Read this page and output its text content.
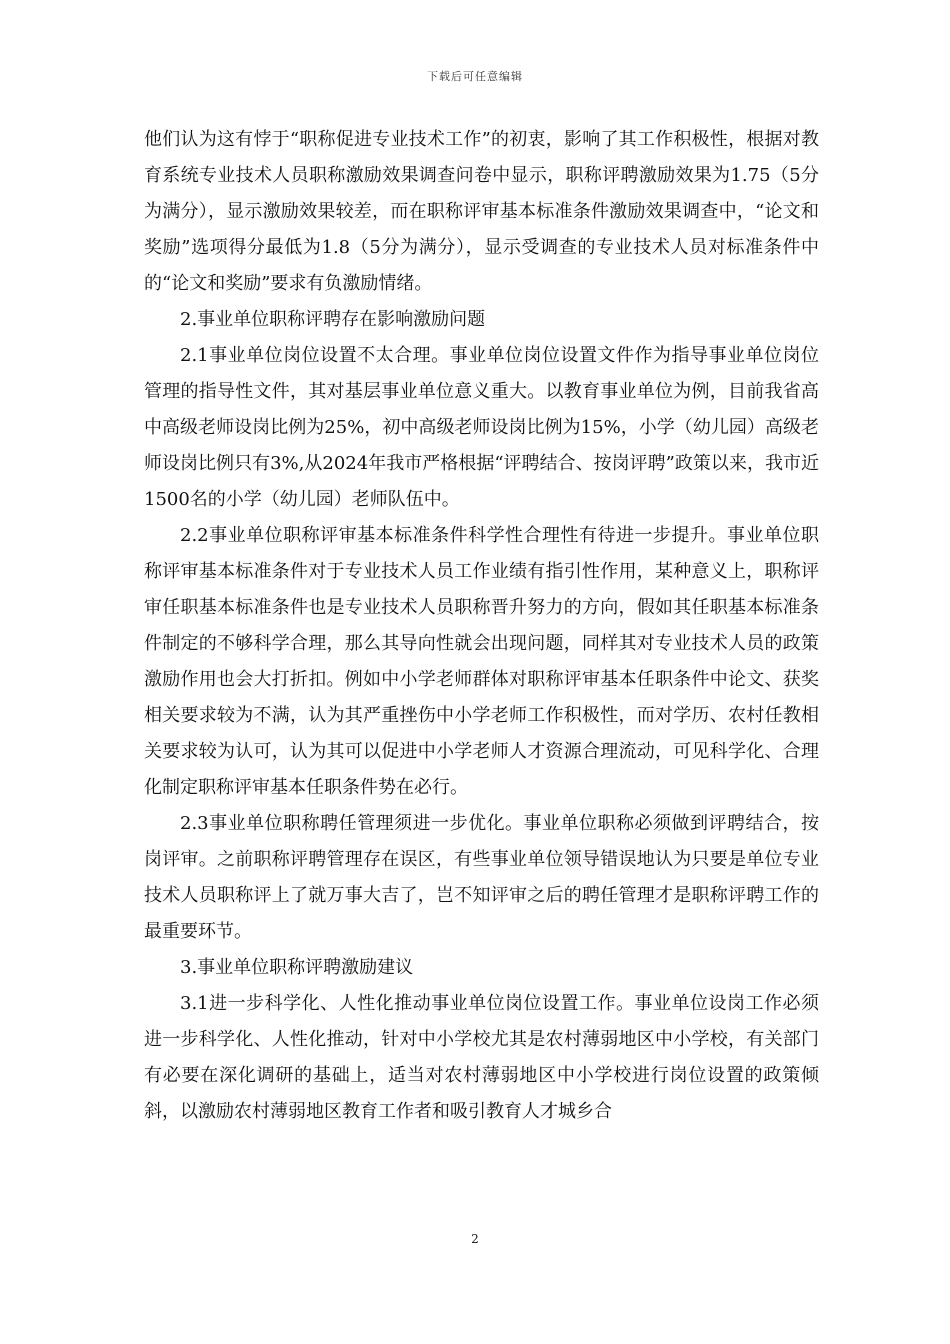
下载后可任意编辑

他们认为这有悖于“职称促进专业技术工作”的初衷，影响了其工作积极性，根据对教育系统专业技术人员职称激励效果调查问卷中显示，职称评聘激励效果为1.75（5分为满分），显示激励效果较差，而在职称评审基本标准条件激励效果调查中，“论文和奖励”选项得分最低为1.8（5分为满分），显示受调查的专业技术人员对标准条件中的“论文和奖励”要求有负激励情绪。

2.事业单位职称评聘存在影响激励问题

2.1事业单位岗位设置不太合理。事业单位岗位设置文件作为指导事业单位岗位管理的指导性文件，其对基层事业单位意义重大。以教育事业单位为例，目前我省高中高级老师设岗比例为25%，初中高级老师设岗比例为15%，小学（幼儿园）高级老师设岗比例只有3%,从2024年我市严格根据“评聘结合、按岗评聘”政策以来，我市近1500名的小学（幼儿园）老师队伍中。

2.2事业单位职称评审基本标准条件科学性合理性有待进一步提升。事业单位职称评审基本标准条件对于专业技术人员工作业绩有指引性作用，某种意义上，职称评审任职基本标准条件也是专业技术人员职称晋升努力的方向，假如其任职基本标准条件制定的不够科学合理，那么其导向性就会出现问题，同样其对专业技术人员的政策激励作用也会大打折扣。例如中小学老师群体对职称评审基本任职条件中论文、获奖相关要求较为不满，认为其严重挫伤中小学老师工作积极性，而对学历、农村任教相关要求较为认可，认为其可以促进中小学老师人才资源合理流动，可见科学化、合理化制定职称评审基本任职条件势在必行。

2.3事业单位职称聘任管理须进一步优化。事业单位职称必须做到评聘结合，按岗评审。之前职称评聘管理存在误区，有些事业单位领导错误地认为只要是单位专业技术人员职称评上了就万事大吉了，岂不知评审之后的聘任管理才是职称评聘工作的最重要环节。

3.事业单位职称评聘激励建议

3.1进一步科学化、人性化推动事业单位岗位设置工作。事业单位设岗工作必须进一步科学化、人性化推动，针对中小学校尤其是农村薄弱地区中小学校，有关部门有必要在深化调研的基础上，适当对农村薄弱地区中小学校进行岗位设置的政策倾斜，以激励农村薄弱地区教育工作者和吸引教育人才城乡合

2
